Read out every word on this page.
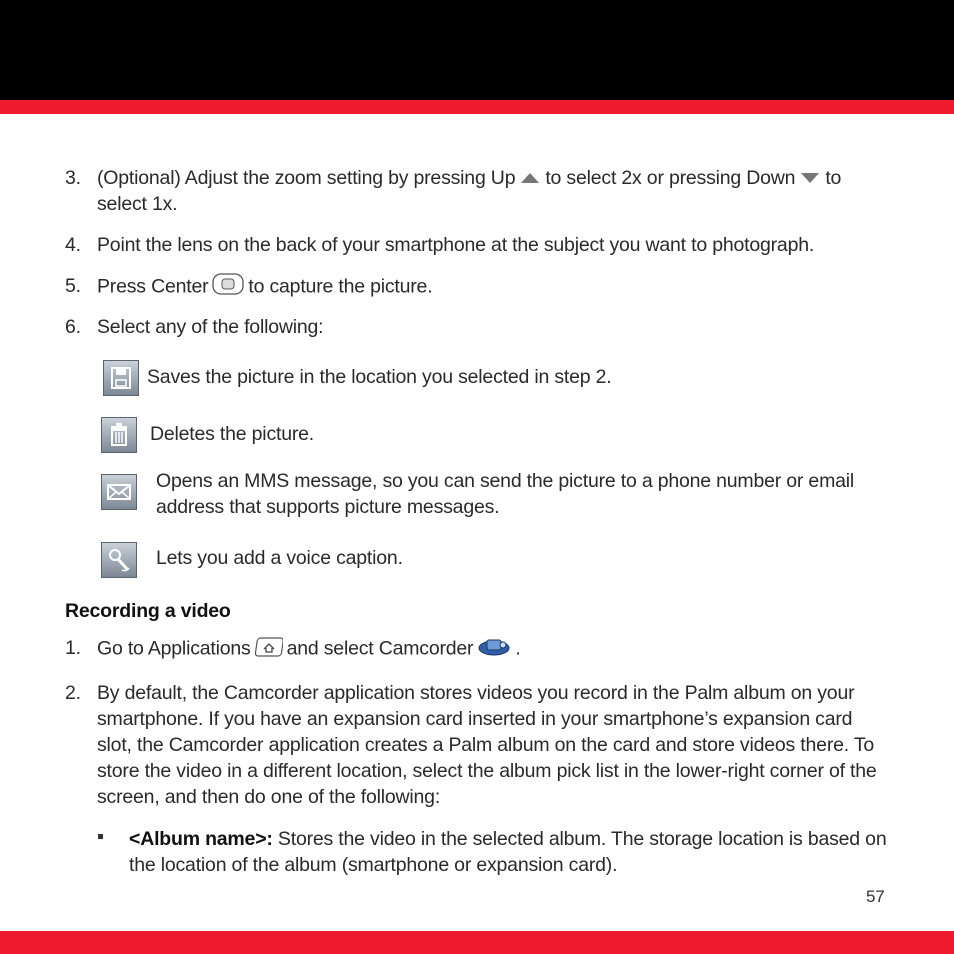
3. (Optional) Adjust the zoom setting by pressing Up to select 2x or pressing Down to
select 1x.
4. Point the lens on the back of your smartphone at the subject you want to photograph.
5. Press Center to capture the picture.
6. Select any of the following:
Saves the picture in the location you selected in step 2.
Deletes the picture.
Opens an MMS message, so you can send the picture to a phone number or email
address that supports picture messages.
Lets you add a voice caption.
Recording a video
1. Go to Applications and select Camcorder .
2. By default, the Camcorder application stores videos you record in the Palm album on your
smartphone. If you have an expansion card inserted in your smartphone’s expansion card
slot, the Camcorder application creates a Palm album on the card and store videos there. To
store the video in a different location, select the album pick list in the lower-right corner of the
screen, and then do one of the following:
<Album name>: Stores the video in the selected album. The storage location is based on
the location of the album (smartphone or expansion card).
57
